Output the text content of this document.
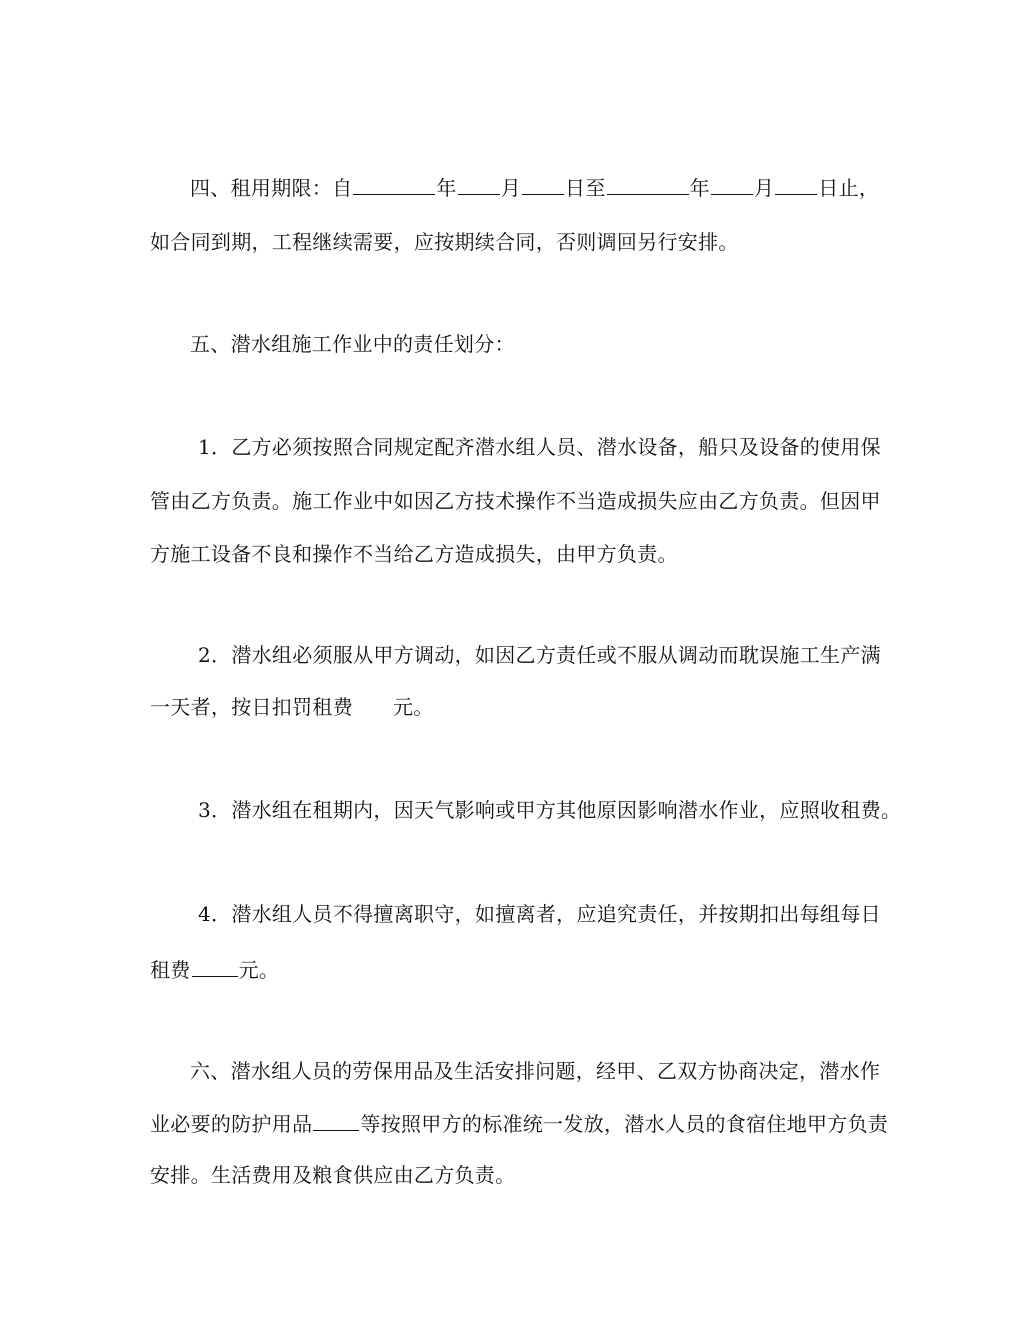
四、租用期限：自	年 月 日至	年 月 日止，
如合同到期，工程继续需要，应按期续合同，否则调回另行安排。
五、潜水组施工作业中的责任划分：
1．乙方必须按照合同规定配齐潜水组人员、潜水设备，船只及设备的使用保
管由乙方负责。施工作业中如因乙方技术操作不当造成损失应由乙方负责。但因甲
方施工设备不良和操作不当给乙方造成损失，由甲方负责。
2．潜水组必须服从甲方调动，如因乙方责任或不服从调动而耽误施工生产满
一天者，按日扣罚租费 元。
3．潜水组在租期内，因天气影响或甲方其他原因影响潜水作业，应照收租费。
4．潜水组人员不得擅离职守，如擅离者，应追究责任，并按期扣出每组每日
租费 元。
六、潜水组人员的劳保用品及生活安排问题，经甲、乙双方协商决定，潜水作
业必要的防护用品 等按照甲方的标准统一发放，潜水人员的食宿住地甲方负责
安排。生活费用及粮食供应由乙方负责。
